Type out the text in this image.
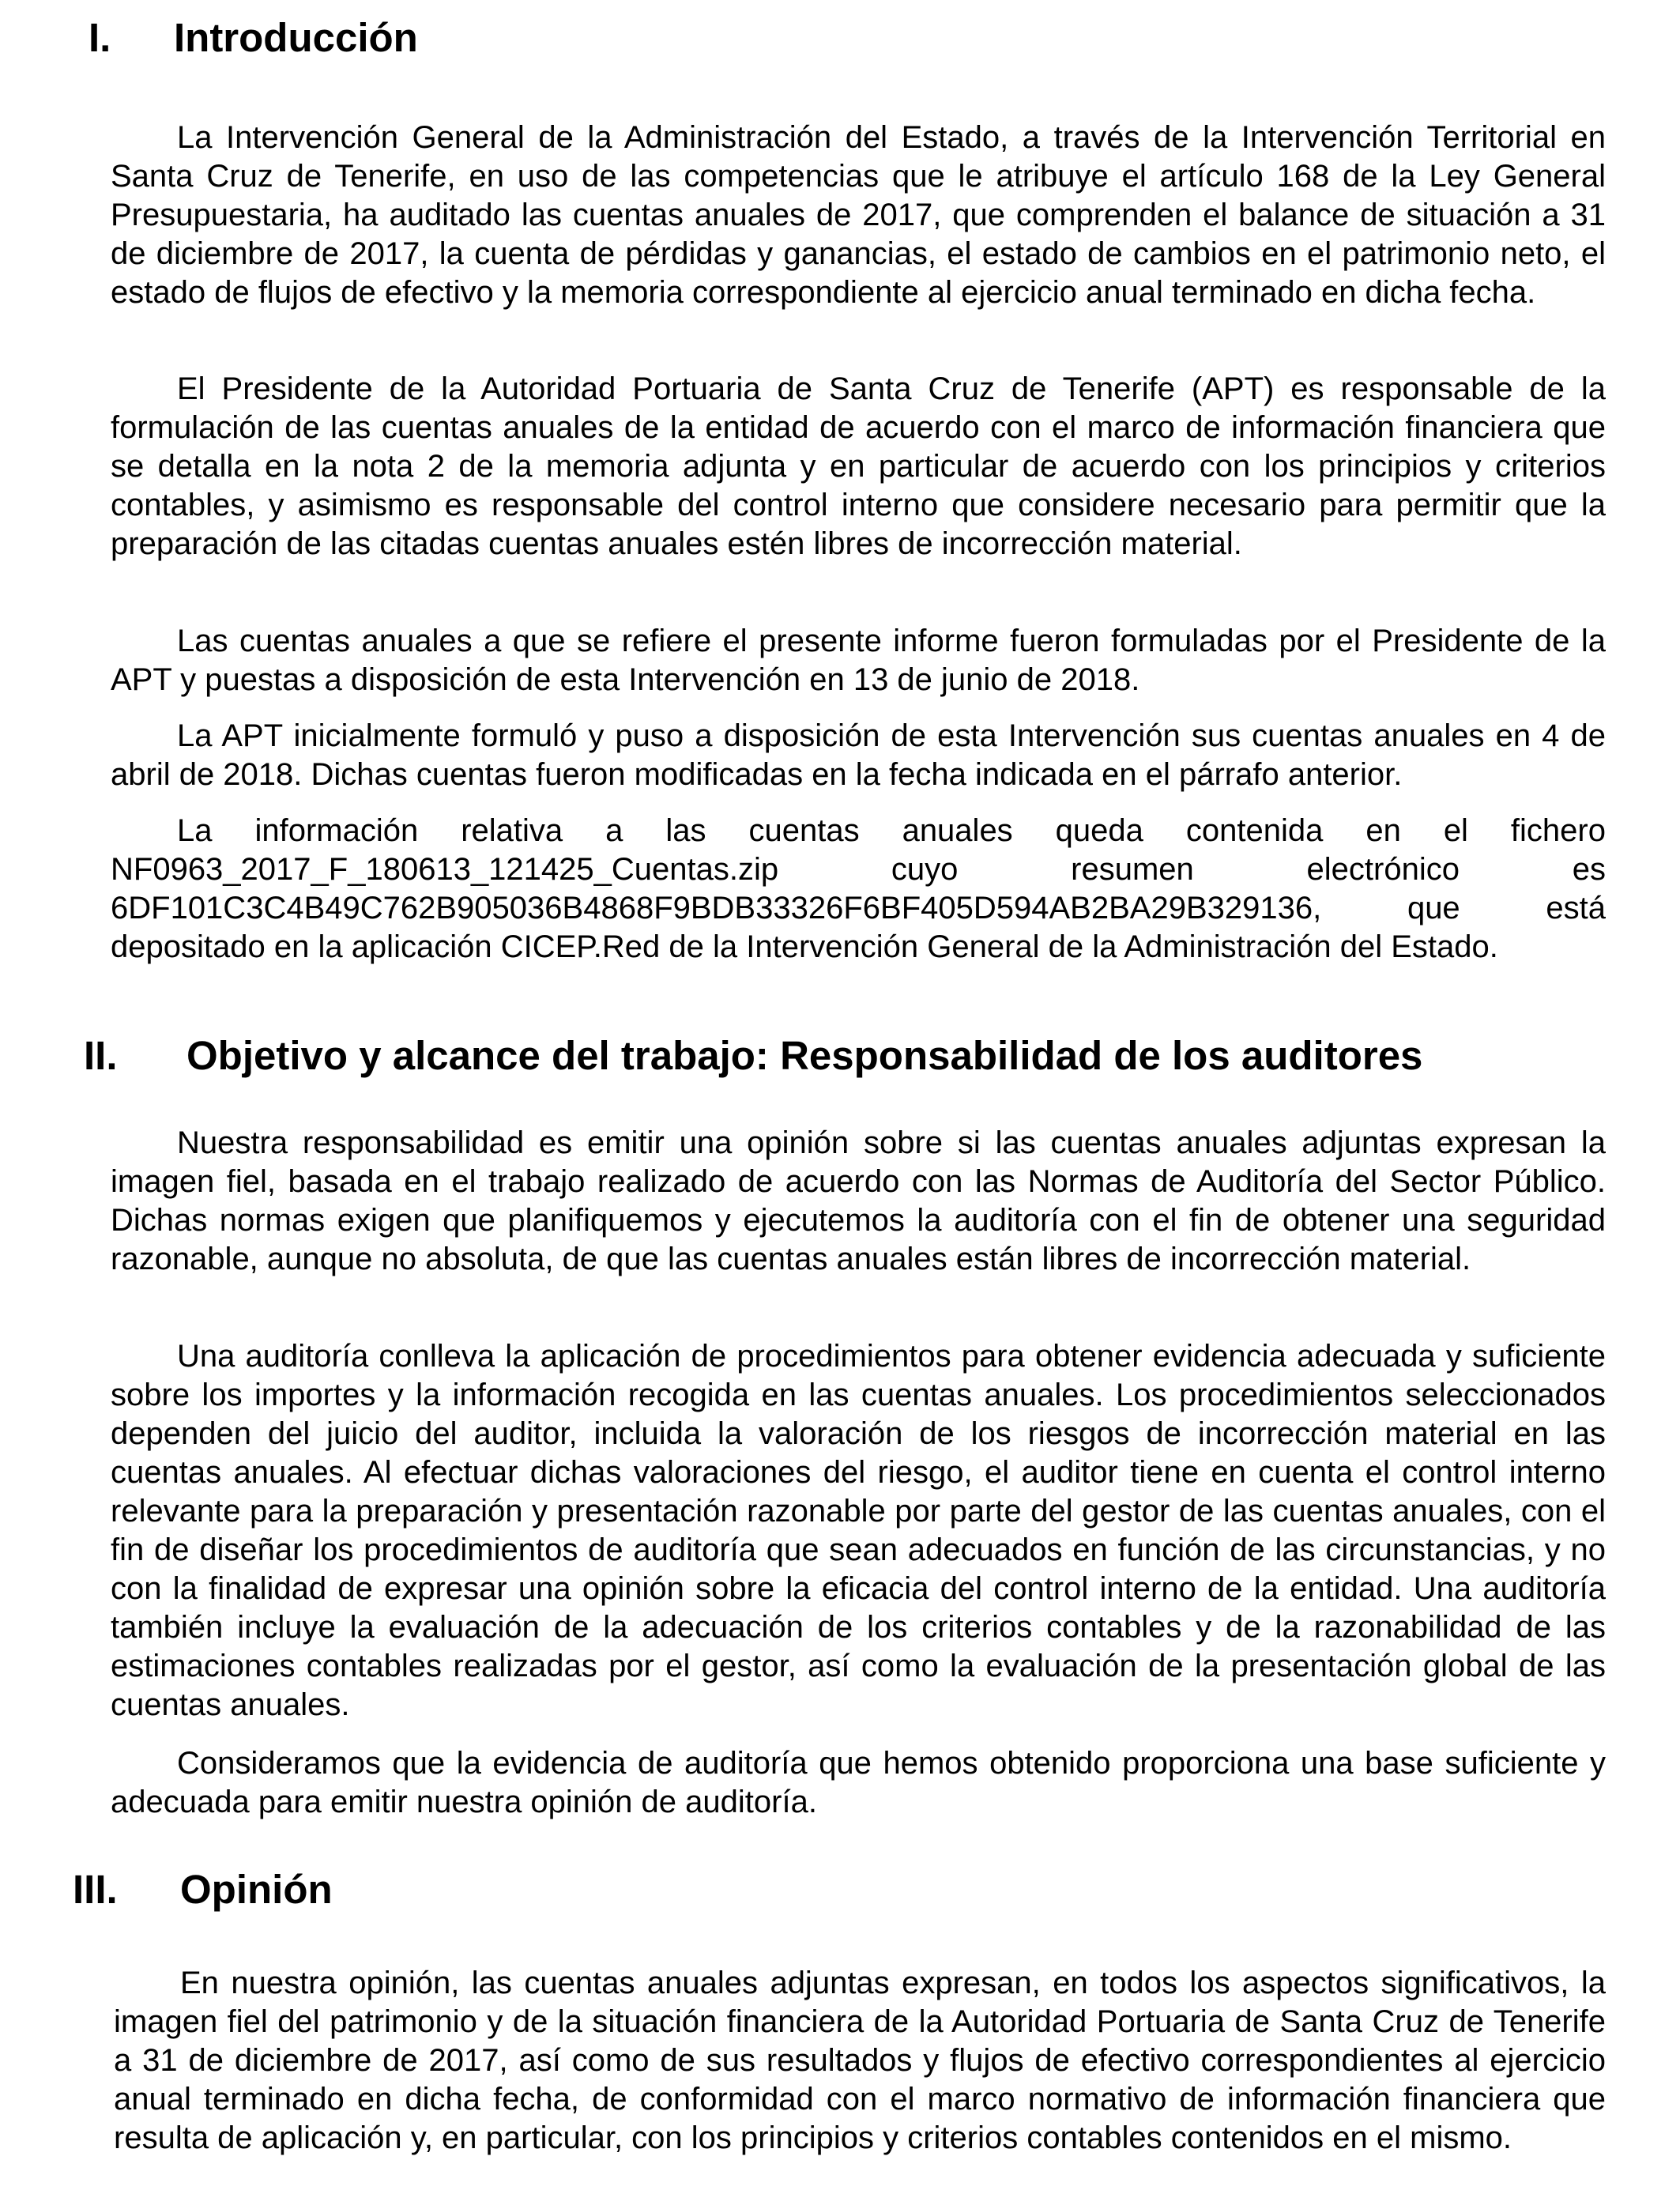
I. Introducción

La Intervención General de la Administración del Estado, a través de la Intervención Territorial en Santa Cruz de Tenerife, en uso de las competencias que le atribuye el artículo 168 de la Ley General Presupuestaria, ha auditado las cuentas anuales de 2017, que comprenden el balance de situación a 31 de diciembre de 2017, la cuenta de pérdidas y ganancias, el estado de cambios en el patrimonio neto, el estado de flujos de efectivo y la memoria correspondiente al ejercicio anual terminado en dicha fecha.

El Presidente de la Autoridad Portuaria de Santa Cruz de Tenerife (APT) es responsable de la formulación de las cuentas anuales de la entidad de acuerdo con el marco de información financiera que se detalla en la nota 2 de la memoria adjunta y en particular de acuerdo con los principios y criterios contables, y asimismo es responsable del control interno que considere necesario para permitir que la preparación de las citadas cuentas anuales estén libres de incorrección material.

Las cuentas anuales a que se refiere el presente informe fueron formuladas por el Presidente de la APT y puestas a disposición de esta Intervención en 13 de junio de 2018.

La APT inicialmente formuló y puso a disposición de esta Intervención sus cuentas anuales en 4 de abril de 2018. Dichas cuentas fueron modificadas en la fecha indicada en el párrafo anterior.

La información relativa a las cuentas anuales queda contenida en el fichero NF0963_2017_F_180613_121425_Cuentas.zip cuyo resumen electrónico es 6DF101C3C4B49C762B905036B4868F9BDB33326F6BF405D594AB2BA29B329136, que está depositado en la aplicación CICEP.Red de la Intervención General de la Administración del Estado.

II. Objetivo y alcance del trabajo: Responsabilidad de los auditores

Nuestra responsabilidad es emitir una opinión sobre si las cuentas anuales adjuntas expresan la imagen fiel, basada en el trabajo realizado de acuerdo con las Normas de Auditoría del Sector Público. Dichas normas exigen que planifiquemos y ejecutemos la auditoría con el fin de obtener una seguridad razonable, aunque no absoluta, de que las cuentas anuales están libres de incorrección material.

Una auditoría conlleva la aplicación de procedimientos para obtener evidencia adecuada y suficiente sobre los importes y la información recogida en las cuentas anuales. Los procedimientos seleccionados dependen del juicio del auditor, incluida la valoración de los riesgos de incorrección material en las cuentas anuales. Al efectuar dichas valoraciones del riesgo, el auditor tiene en cuenta el control interno relevante para la preparación y presentación razonable por parte del gestor de las cuentas anuales, con el fin de diseñar los procedimientos de auditoría que sean adecuados en función de las circunstancias, y no con la finalidad de expresar una opinión sobre la eficacia del control interno de la entidad. Una auditoría también incluye la evaluación de la adecuación de los criterios contables y de la razonabilidad de las estimaciones contables realizadas por el gestor, así como la evaluación de la presentación global de las cuentas anuales.

Consideramos que la evidencia de auditoría que hemos obtenido proporciona una base suficiente y adecuada para emitir nuestra opinión de auditoría.

III. Opinión

En nuestra opinión, las cuentas anuales adjuntas expresan, en todos los aspectos significativos, la imagen fiel del patrimonio y de la situación financiera de la Autoridad Portuaria de Santa Cruz de Tenerife a 31 de diciembre de 2017, así como de sus resultados y flujos de efectivo correspondientes al ejercicio anual terminado en dicha fecha, de conformidad con el marco normativo de información financiera que resulta de aplicación y, en particular, con los principios y criterios contables contenidos en el mismo.
